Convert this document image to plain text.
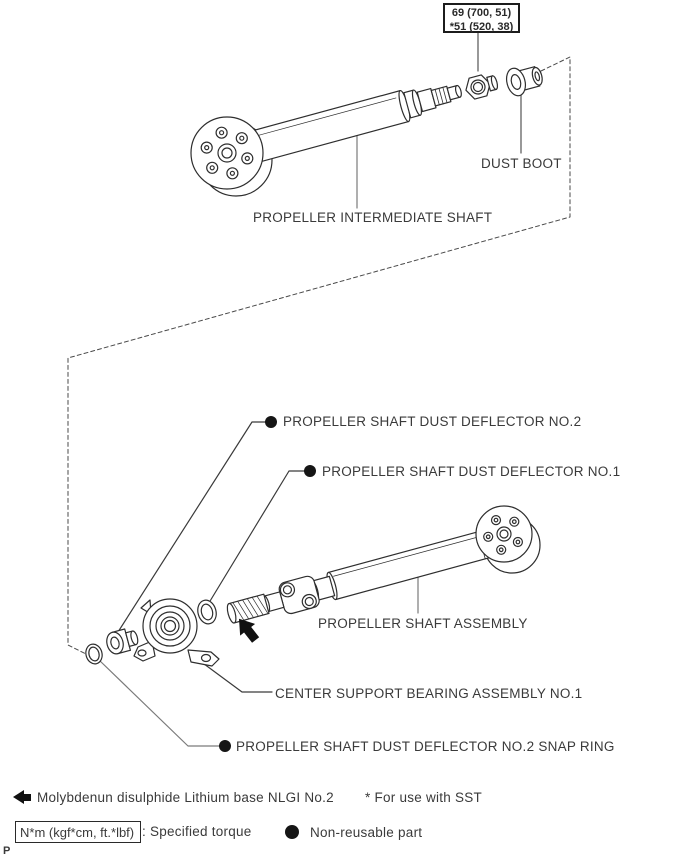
69 (700, 51)
*51 (520, 38)
DUST BOOT
PROPELLER INTERMEDIATE SHAFT
PROPELLER SHAFT DUST DEFLECTOR NO.2
PROPELLER SHAFT DUST DEFLECTOR NO.1
PROPELLER SHAFT ASSEMBLY
CENTER SUPPORT BEARING ASSEMBLY NO.1
PROPELLER SHAFT DUST DEFLECTOR NO.2 SNAP RING
Molybdenun disulphide Lithium base NLGI No.2 * For use with SST
N*m (kgf*cm, ft.*lbf) : Specified torque	Non-reusable part
P
